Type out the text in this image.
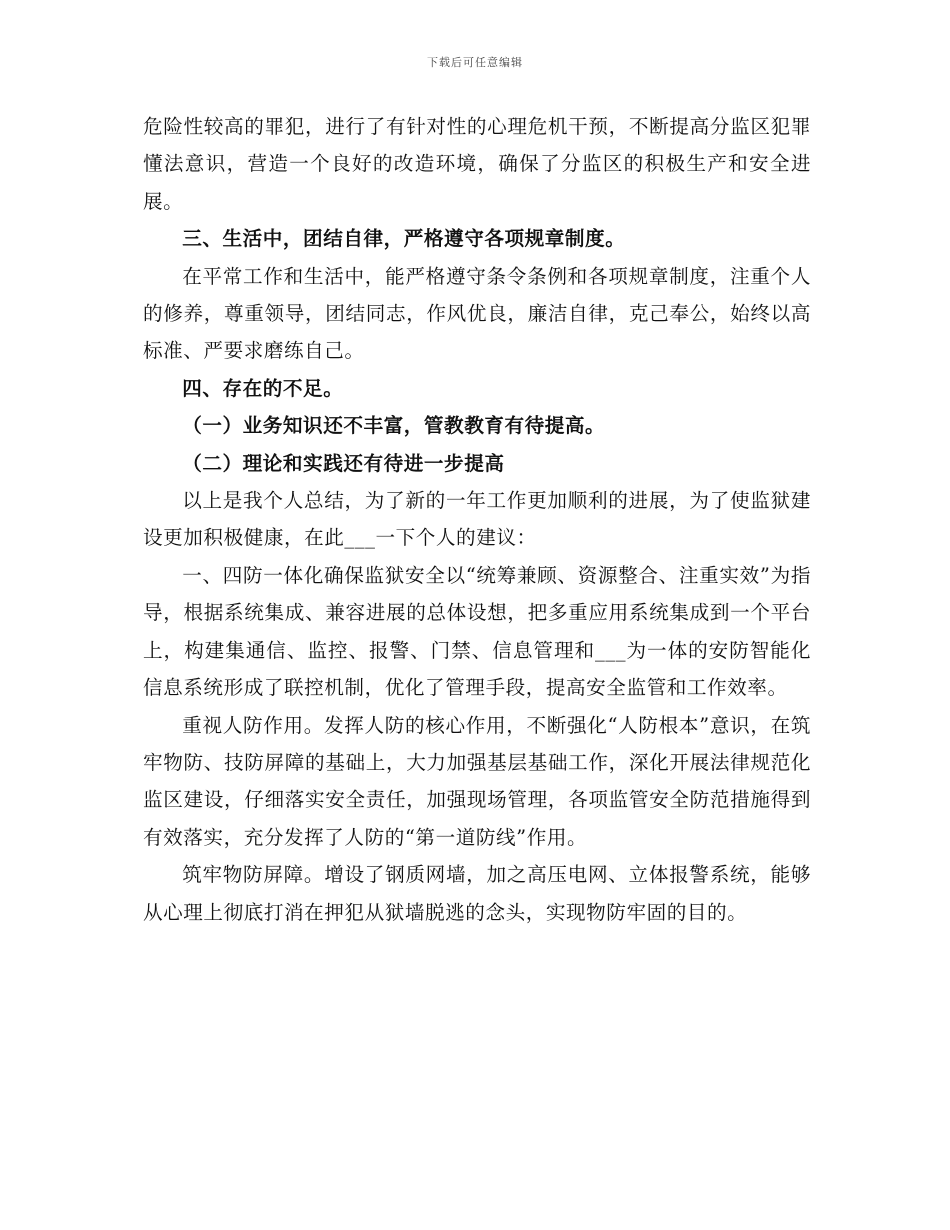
下载后可任意编辑

危险性较高的罪犯，进行了有针对性的心理危机干预，不断提高分监区犯罪懂法意识，营造一个良好的改造环境，确保了分监区的积极生产和安全进展。

三、生活中，团结自律，严格遵守各项规章制度。

在平常工作和生活中，能严格遵守条令条例和各项规章制度，注重个人的修养，尊重领导，团结同志，作风优良，廉洁自律，克己奉公，始终以高标准、严要求磨练自己。

四、存在的不足。

（一）业务知识还不丰富，管教教育有待提高。

（二）理论和实践还有待进一步提高

以上是我个人总结，为了新的一年工作更加顺利的进展，为了使监狱建设更加积极健康，在此___一下个人的建议：

一、四防一体化确保监狱安全以“统筹兼顾、资源整合、注重实效”为指导，根据系统集成、兼容进展的总体设想，把多重应用系统集成到一个平台上，构建集通信、监控、报警、门禁、信息管理和___为一体的安防智能化信息系统形成了联控机制，优化了管理手段，提高安全监管和工作效率。

重视人防作用。发挥人防的核心作用，不断强化“人防根本”意识，在筑牢物防、技防屏障的基础上，大力加强基层基础工作，深化开展法律规范化监区建设，仔细落实安全责任，加强现场管理，各项监管安全防范措施得到有效落实，充分发挥了人防的“第一道防线”作用。

筑牢物防屏障。增设了钢质网墙，加之高压电网、立体报警系统，能够从心理上彻底打消在押犯从狱墙脱逃的念头，实现物防牢固的目的。
